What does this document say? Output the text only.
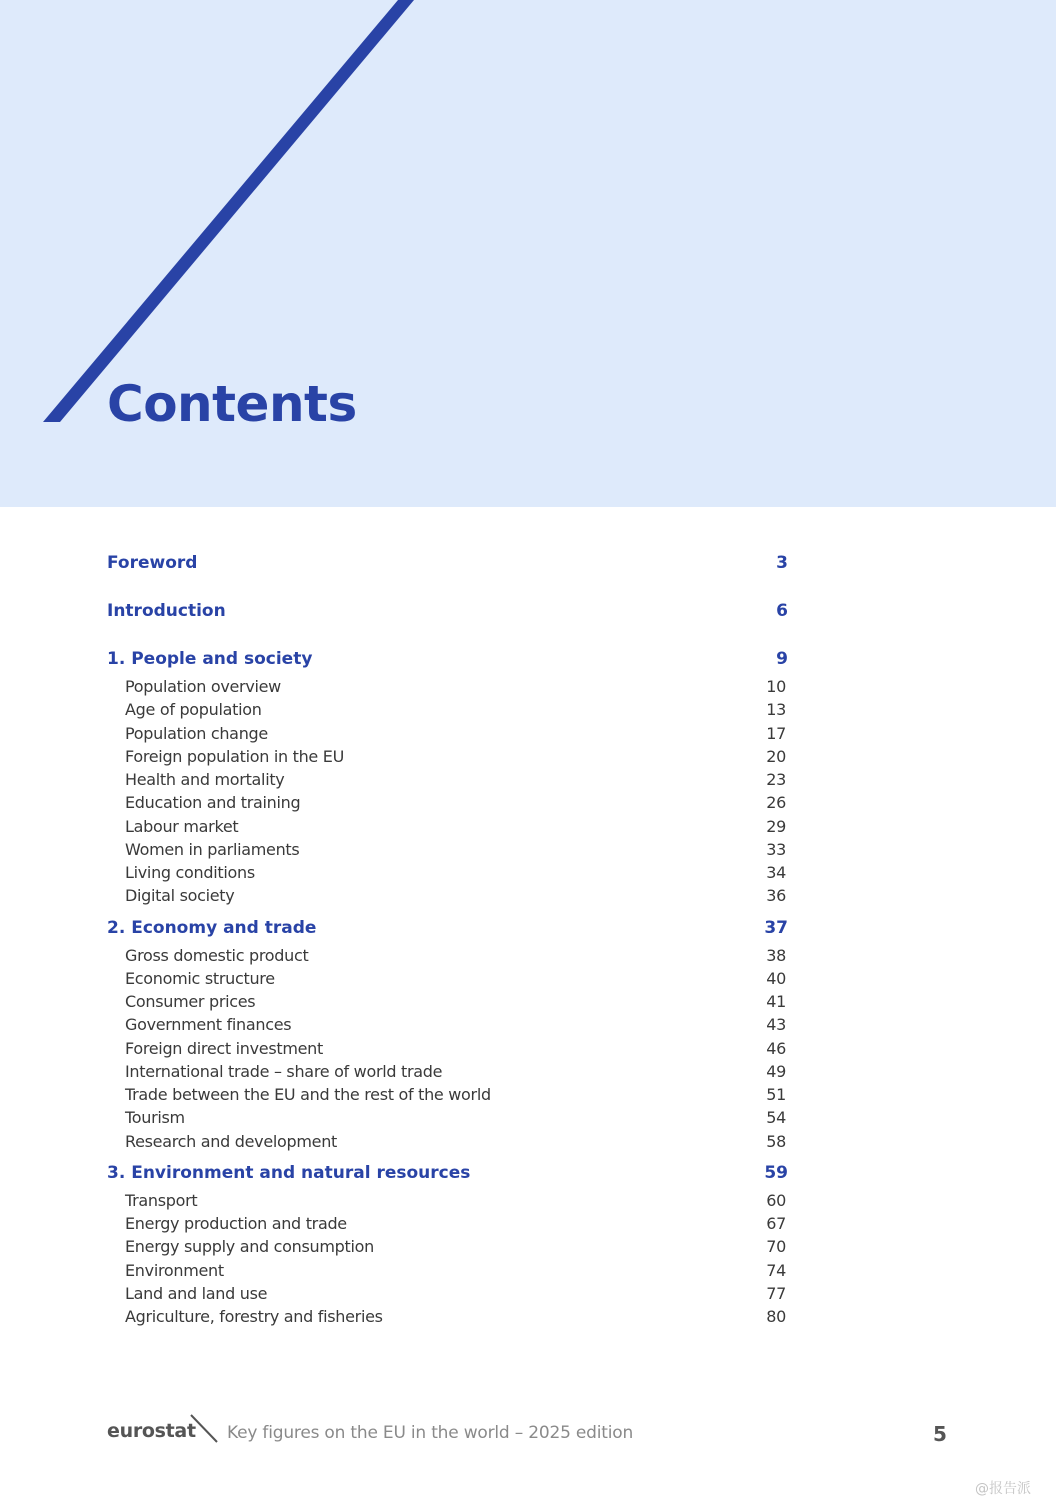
Contents
Foreword	3
Introduction	6
1. People and society	9
Population overview	10
Age of population	13
Population change	17
Foreign population in the EU	20
Health and mortality	23
Education and training	26
Labour market	29
Women in parliaments	33
Living conditions	34
Digital society	36
2. Economy and trade	37
Gross domestic product	38
Economic structure	40
Consumer prices	41
Government finances	43
Foreign direct investment	46
International trade – share of world trade	49
Trade between the EU and the rest of the world	51
Tourism	54
Research and development	58
3. Environment and natural resources	59
Transport	60
Energy production and trade	67
Energy supply and consumption	70
Environment	74
Land and land use	77
Agriculture, forestry and fisheries	80
eurostat Key figures on the EU in the world – 2025 edition	5
@报告派
